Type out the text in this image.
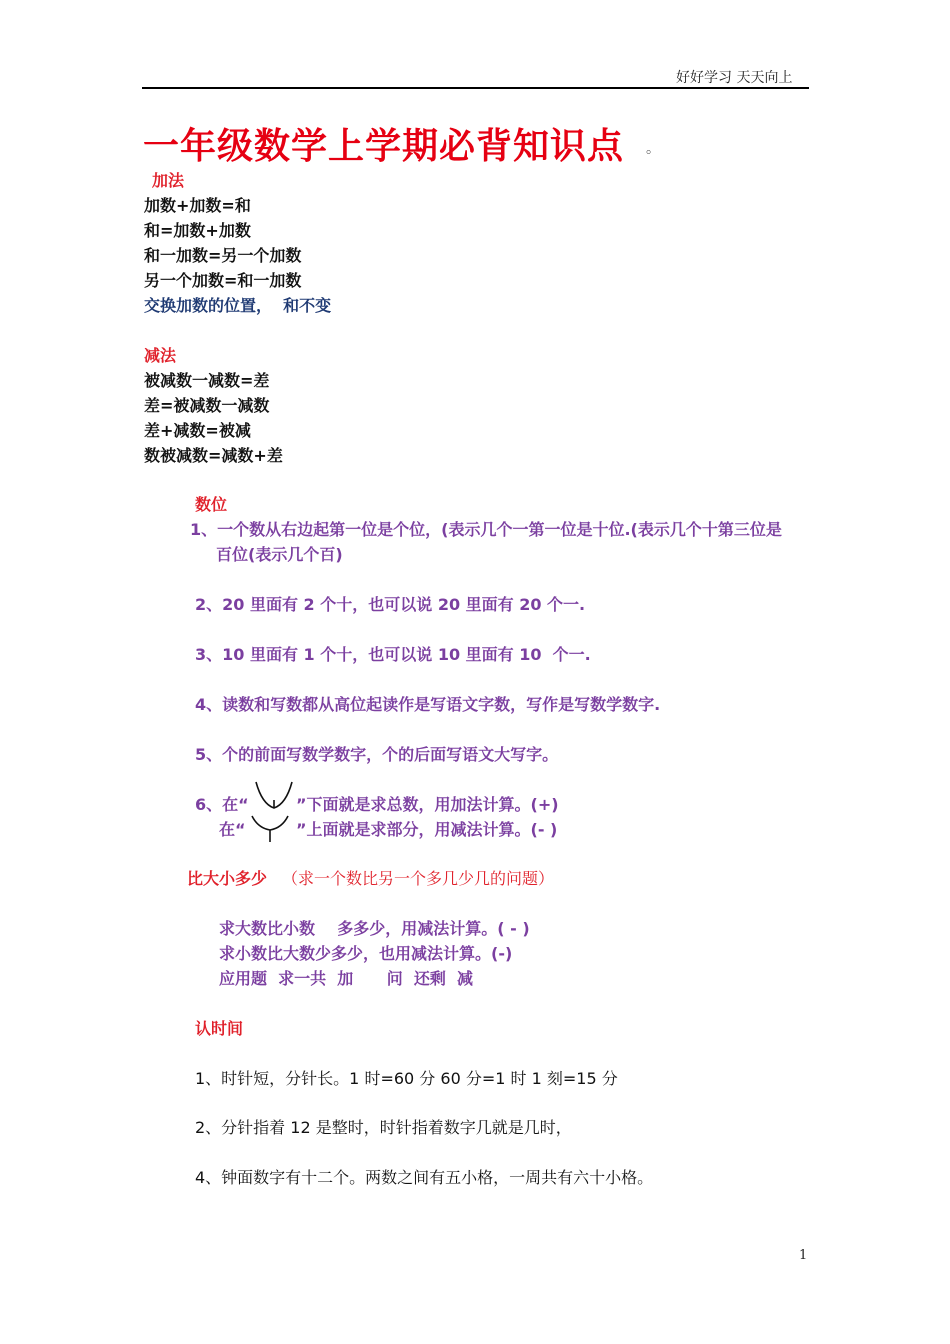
好好学习 天天向上
一年级数学上学期必背知识点 。
加法
加数+加数=和
和=加数+加数
和一加数=另一个加数
另一个加数=和一加数
交换加数的位置，  和不变
减法
被减数一减数=差
差=被减数一减数
差+减数=被减
数被减数=减数+差
数位
1、一个数从右边起第一位是个位，(表示几个一第一位是十位.(表示几个十第三位是
百位(表示几个百)
2、20 里面有 2 个十，也可以说 20 里面有 20 个一.
3、10 里面有 1 个十，也可以说 10 里面有 10  个一.
4、读数和写数都从高位起读作是写语文字数，写作是写数学数字.
5、个的前面写数学数字，个的后面写语文大写字。
6、在“	”下面就是求总数，用加法计算。(+)
在“	”上面就是求部分，用减法计算。(- )
比大小多少 （求一个数比另一个多几少几的问题）
求大数比小数    多多少，用减法计算。( - )
求小数比大数少多少，也用减法计算。(-)
应用题  求一共  加      问  还剩  减
认时间
1、时针短，分针长。1 时=60 分 60 分=1 时 1 刻=15 分
2、分针指着 12 是整时，时针指着数字几就是几时，
4、钟面数字有十二个。两数之间有五小格，一周共有六十小格。
1
